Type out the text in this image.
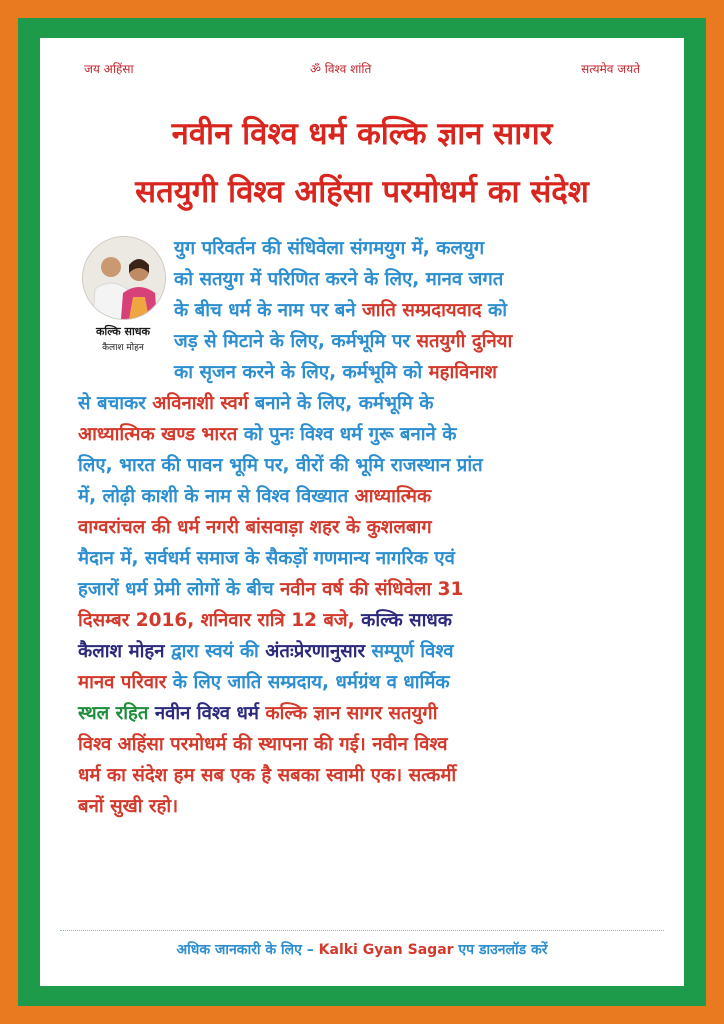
जय अहिंसा	ॐ विश्व शांति	सत्यमेव जयते
नवीन विश्व धर्म कल्कि ज्ञान सागर
सतयुगी विश्व अहिंसा परमोधर्म का संदेश
कल्कि साधक
कैलाश मोहन
युग परिवर्तन की संधिवेला संगमयुग में, कलयुग
को सतयुग में परिणित करने के लिए, मानव जगत
के बीच धर्म के नाम पर बने जाति सम्प्रदायवाद को
जड़ से मिटाने के लिए, कर्मभूमि पर सतयुगी दुनिया
का सृजन करने के लिए, कर्मभूमि को महाविनाश
से बचाकर अविनाशी स्वर्ग बनाने के लिए, कर्मभूमि के
आध्यात्मिक खण्ड भारत को पुनः विश्व धर्म गुरू बनाने के
लिए, भारत की पावन भूमि पर, वीरों की भूमि राजस्थान प्रांत
में, लोढ़ी काशी के नाम से विश्व विख्यात आध्यात्मिक
वाग्वरांचल की धर्म नगरी बांसवाड़ा शहर के कुशलबाग
मैदान में, सर्वधर्म समाज के सैकड़ों गणमान्य नागरिक एवं
हजारों धर्म प्रेमी लोगों के बीच नवीन वर्ष की संधिवेला 31
दिसम्बर 2016, शनिवार रात्रि 12 बजे, कल्कि साधक
कैलाश मोहन द्वारा स्वयं की अंतःप्रेरणानुसार सम्पूर्ण विश्व
मानव परिवार के लिए जाति सम्प्रदाय, धर्मग्रंथ व धार्मिक
स्थल रहित नवीन विश्व धर्म कल्कि ज्ञान सागर सतयुगी
विश्व अहिंसा परमोधर्म की स्थापना की गई। नवीन विश्व
धर्म का संदेश हम सब एक है सबका स्वामी एक। सत्कर्मी
बनों सुखी रहो।
अधिक जानकारी के लिए – Kalki Gyan Sagar एप डाउनलॉड करें
